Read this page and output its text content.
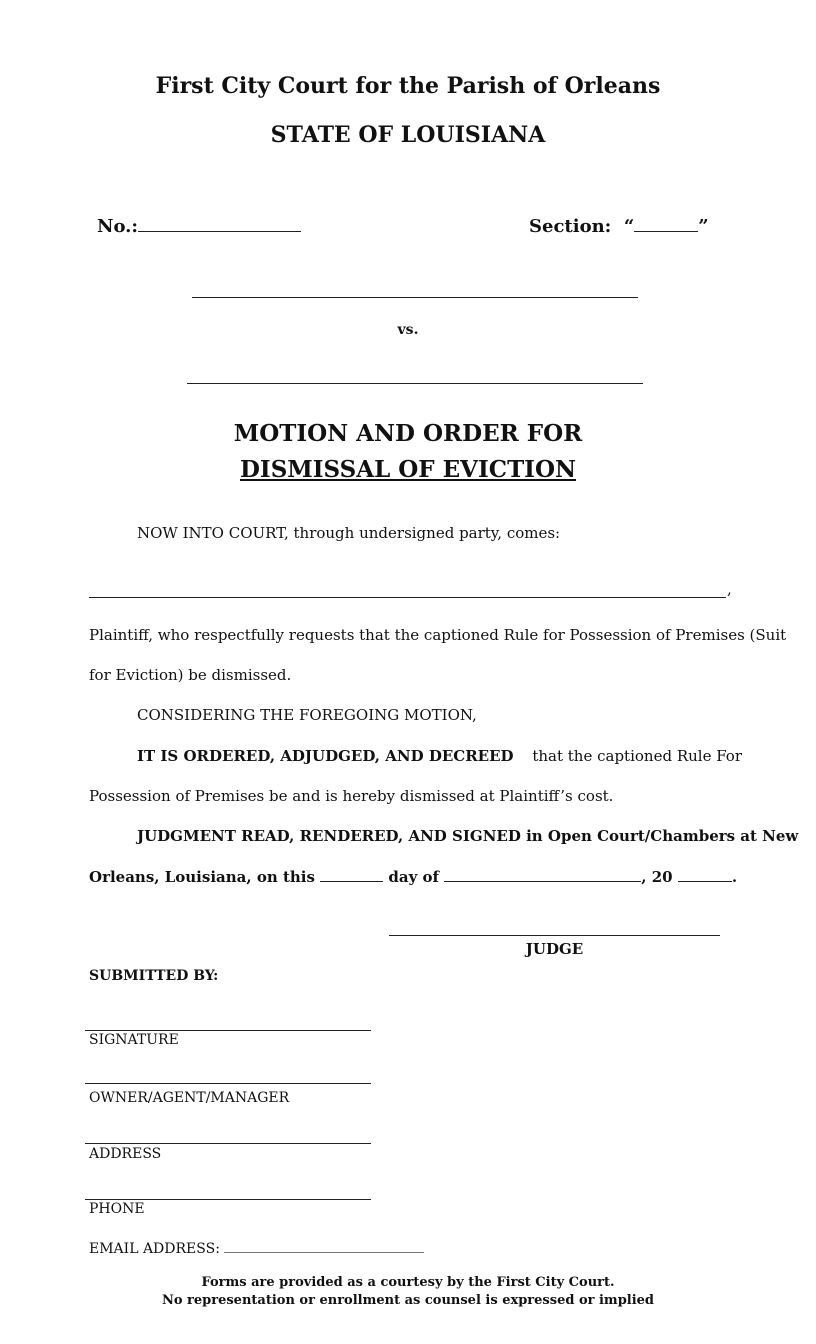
First City Court for the Parish of Orleans
STATE OF LOUISIANA
No.:	Section: “	”
vs.
MOTION AND ORDER FOR
DISMISSAL OF EVICTION
NOW INTO COURT, through undersigned party, comes:
,
Plaintiff, who respectfully requests that the captioned Rule for Possession of Premises (Suit
for Eviction) be dismissed.
CONSIDERING THE FOREGOING MOTION,
IT IS ORDERED, ADJUDGED, AND DECREED that the captioned Rule For
Possession of Premises be and is hereby dismissed at Plaintiff’s cost.
JUDGMENT READ, RENDERED, AND SIGNED in Open Court/Chambers at New
Orleans, Louisiana, on this	day of	, 20	.
JUDGE
SUBMITTED BY:
SIGNATURE
OWNER/AGENT/MANAGER
ADDRESS
PHONE
EMAIL ADDRESS:
Forms are provided as a courtesy by the First City Court.
No representation or enrollment as counsel is expressed or implied
